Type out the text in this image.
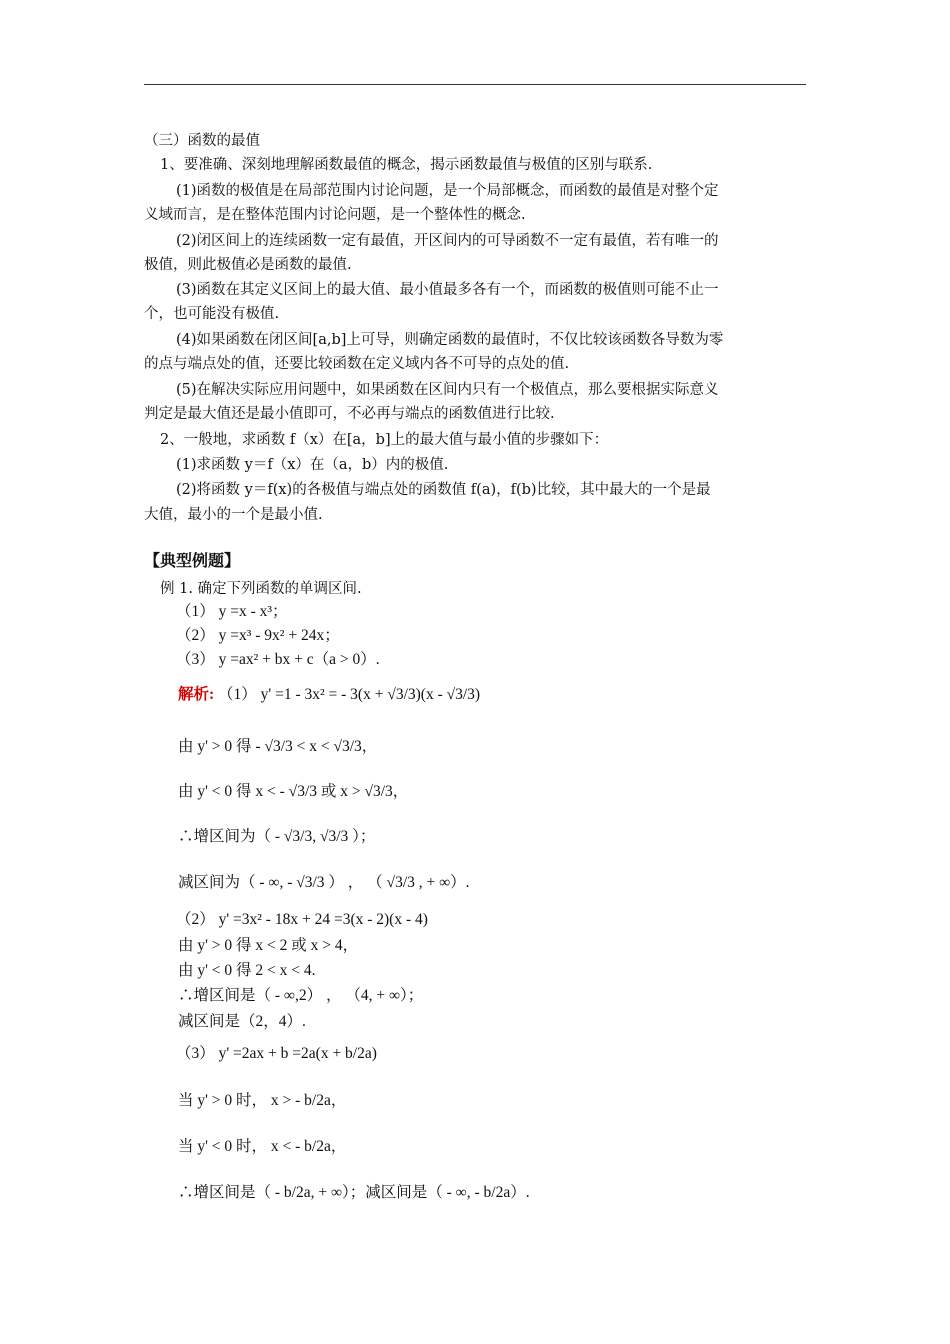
（三）函数的最值
1、要准确、深刻地理解函数最值的概念，揭示函数最值与极值的区别与联系.
(1)函数的极值是在局部范围内讨论问题，是一个局部概念，而函数的最值是对整个定
义域而言，是在整体范围内讨论问题，是一个整体性的概念.
(2)闭区间上的连续函数一定有最值，开区间内的可导函数不一定有最值，若有唯一的
极值，则此极值必是函数的最值.
(3)函数在其定义区间上的最大值、最小值最多各有一个，而函数的极值则可能不止一
个，也可能没有极值.
(4)如果函数在闭区间[a,b]上可导，则确定函数的最值时，不仅比较该函数各导数为零
的点与端点处的值，还要比较函数在定义域内各不可导的点处的值.
(5)在解决实际应用问题中，如果函数在区间内只有一个极值点，那么要根据实际意义
判定是最大值还是最小值即可，不必再与端点的函数值进行比较.
2、一般地，求函数 f（x）在[a，b]上的最大值与最小值的步骤如下：
(1)求函数 y＝f（x）在（a，b）内的极值.
(2)将函数 y＝f(x)的各极值与端点处的函数值 f(a)，f(b)比较，其中最大的一个是最
大值，最小的一个是最小值.
【典型例题】
例 1. 确定下列函数的单调区间.
（1） y =x - x³；
（2） y =x³ - 9x² + 24x；
（3） y =ax² + bx + c（a > 0）.
解析: （1） y' =1 - 3x² = - 3(x + √3/3)(x - √3/3)
由 y' > 0 得 - √3/3 < x < √3/3，
由 y' < 0 得 x < - √3/3 或 x > √3/3，
∴增区间为（ - √3/3, √3/3 ）；
减区间为（ - ∞, - √3/3 ） ， （ √3/3 , + ∞）.
（2） y' =3x² - 18x + 24 =3(x - 2)(x - 4)
由 y' > 0 得 x < 2 或 x > 4，
由 y' < 0 得 2 < x < 4.
∴增区间是（ - ∞,2） ， （4, + ∞）；
减区间是（2，4）.
（3） y' =2ax + b =2a(x + b/2a)
当 y' > 0 时， x > - b/2a，
当 y' < 0 时， x < - b/2a，
∴增区间是（ - b/2a, + ∞）；减区间是（ - ∞, - b/2a）.
